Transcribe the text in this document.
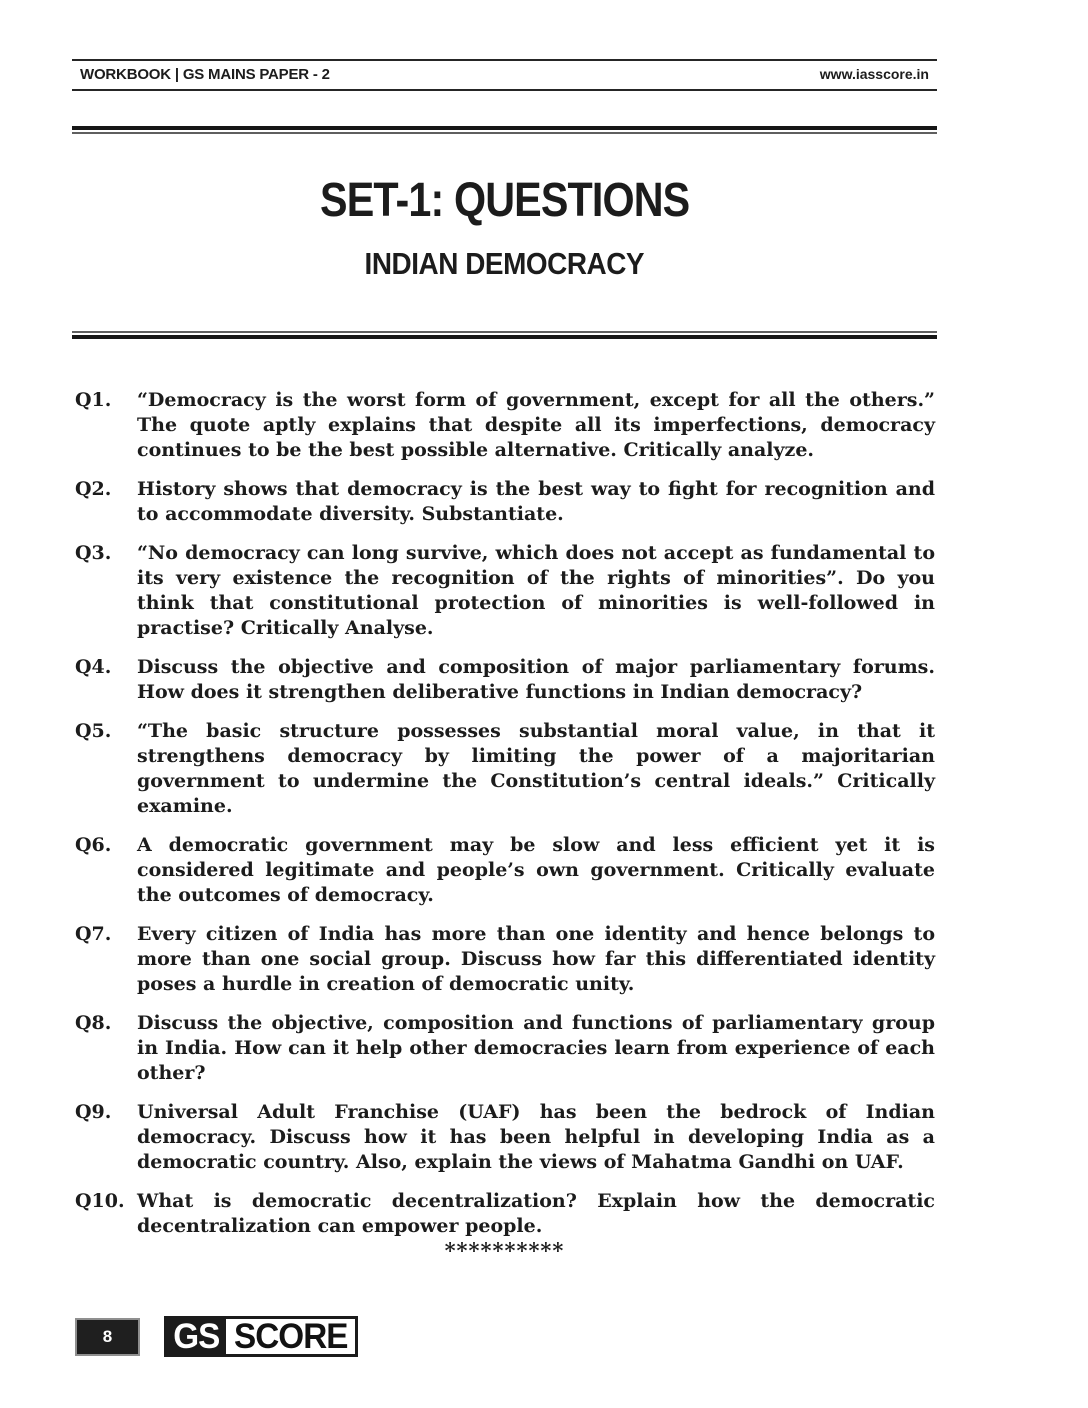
WORKBOOK | GS MAINS PAPER - 2	www.iasscore.in
SET-1: QUESTIONS
INDIAN DEMOCRACY
Q1.	“Democracy is the worst form of government, except for all the others.” The quote aptly explains that despite all its imperfections, democracy continues to be the best possible alternative. Critically analyze.
Q2.	History shows that democracy is the best way to fight for recognition and to accommodate diversity. Substantiate.
Q3.	“No democracy can long survive, which does not accept as fundamental to its very existence the recognition of the rights of minorities”. Do you think that constitutional protection of minorities is well-followed in practise? Critically Analyse.
Q4.	Discuss the objective and composition of major parliamentary forums. How does it strengthen deliberative functions in Indian democracy?
Q5.	“The basic structure possesses substantial moral value, in that it strengthens democracy by limiting the power of a majoritarian government to undermine the Constitution’s central ideals.” Critically examine.
Q6.	A democratic government may be slow and less efficient yet it is considered legitimate and people’s own government. Critically evaluate the outcomes of democracy.
Q7.	Every citizen of India has more than one identity and hence belongs to more than one social group. Discuss how far this differentiated identity poses a hurdle in creation of democratic unity.
Q8.	Discuss the objective, composition and functions of parliamentary group in India. How can it help other democracies learn from experience of each other?
Q9.	Universal Adult Franchise (UAF) has been the bedrock of Indian democracy. Discuss how it has been helpful in developing India as a democratic country. Also, explain the views of Mahatma Gandhi on UAF.
Q10. What is democratic decentralization? Explain how the democratic decentralization can empower people.
**********
8 GS SCORE
